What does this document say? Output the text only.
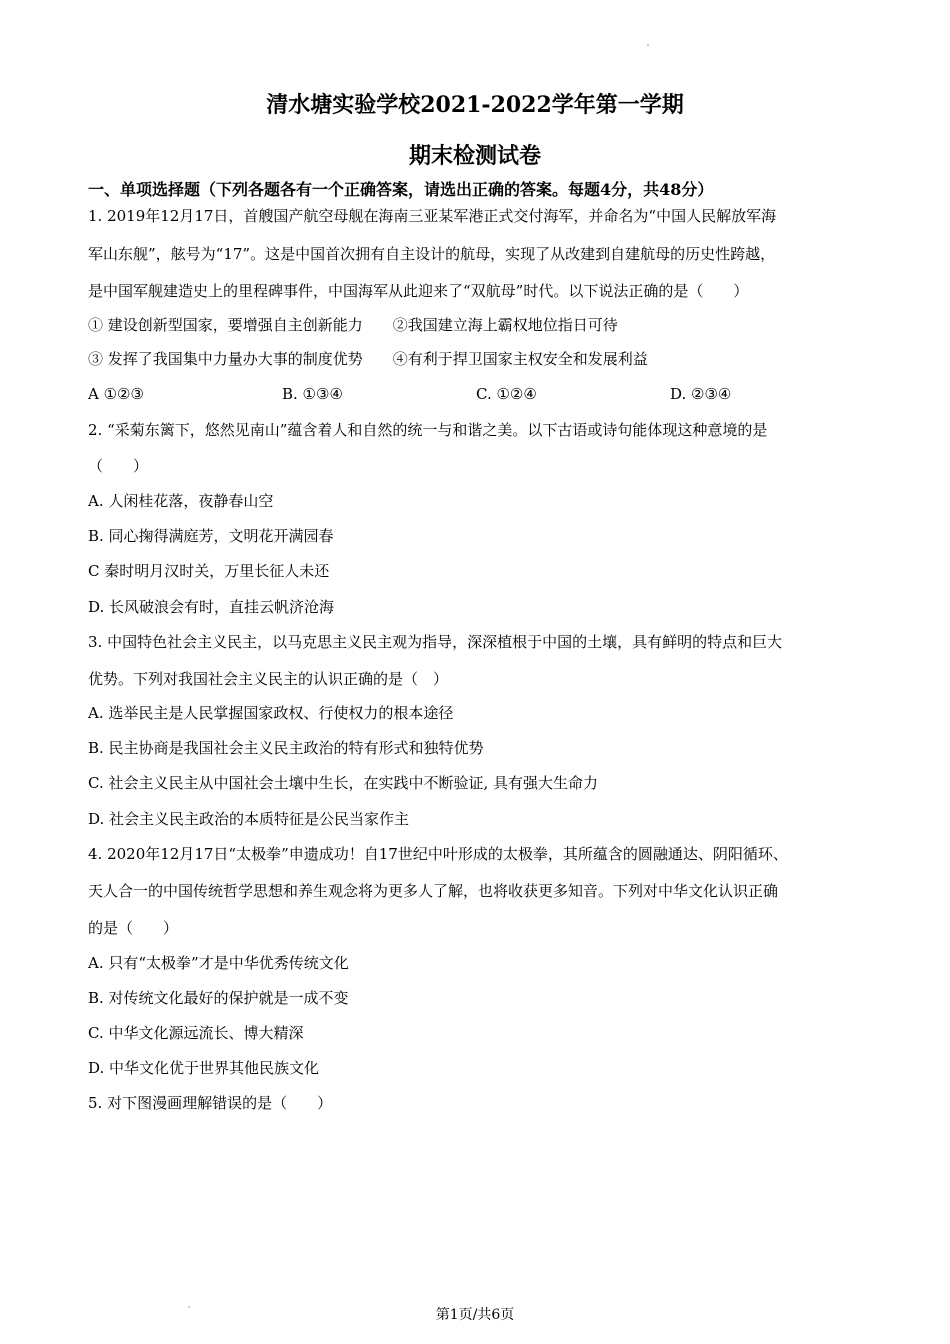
清水塘实验学校2021-2022学年第一学期
期末检测试卷
一、单项选择题（下列各题各有一个正确答案，请选出正确的答案。每题4分，共48分）
1. 2019年12月17日，首艘国产航空母舰在海南三亚某军港正式交付海军，并命名为“中国人民解放军海
军山东舰”，舷号为“17”。这是中国首次拥有自主设计的航母，实现了从改建到自建航母的历史性跨越，
是中国军舰建造史上的里程碑事件，中国海军从此迎来了“双航母”时代。以下说法正确的是（　　）
① 建设创新型国家，要增强自主创新能力　　②我国建立海上霸权地位指日可待
③ 发挥了我国集中力量办大事的制度优势　　④有利于捍卫国家主权安全和发展利益
A ①②③	B. ①③④	C. ①②④	D. ②③④
2. “采菊东篱下，悠然见南山”蕴含着人和自然的统一与和谐之美。以下古语或诗句能体现这种意境的是
（　　）
A. 人闲桂花落，夜静春山空
B. 同心掬得满庭芳，文明花开满园春
C 秦时明月汉时关，万里长征人未还
D. 长风破浪会有时，直挂云帆济沧海
3. 中国特色社会主义民主，以马克思主义民主观为指导，深深植根于中国的土壤，具有鲜明的特点和巨大
优势。下列对我国社会主义民主的认识正确的是（　）
A. 选举民主是人民掌握国家政权、行使权力的根本途径
B. 民主协商是我国社会主义民主政治的特有形式和独特优势
C. 社会主义民主从中国社会土壤中生长，在实践中不断验证, 具有强大生命力
D. 社会主义民主政治的本质特征是公民当家作主
4. 2020年12月17日“太极拳”申遗成功！自17世纪中叶形成的太极拳，其所蕴含的圆融通达、阴阳循环、
天人合一的中国传统哲学思想和养生观念将为更多人了解，也将收获更多知音。下列对中华文化认识正确
的是（　　）
A. 只有“太极拳”才是中华优秀传统文化
B. 对传统文化最好的保护就是一成不变
C. 中华文化源远流长、博大精深
D. 中华文化优于世界其他民族文化
5. 对下图漫画理解错误的是（　　）
第1页/共6页
